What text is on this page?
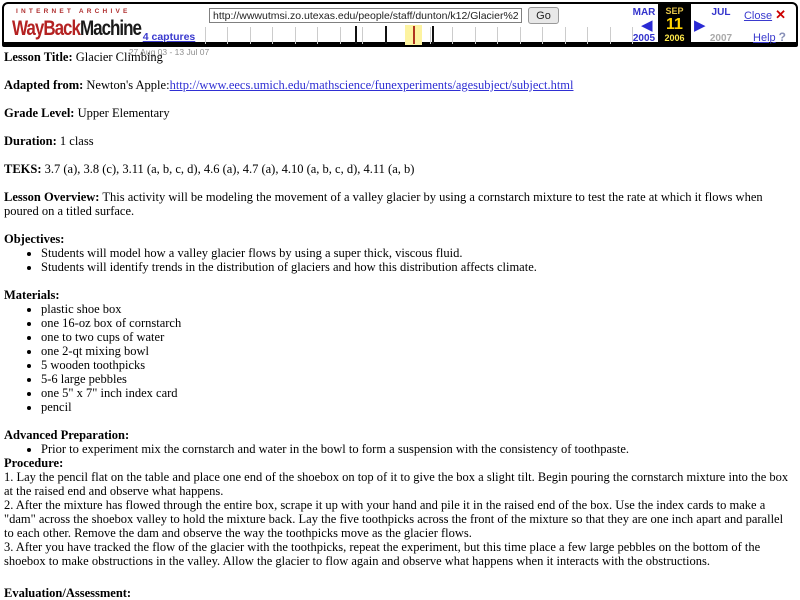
INTERNET ARCHIVE
WayBackMachine
http://wwwutmsi.zo.utexas.edu/people/staff/dunton/k12/Glacier%20Climbing%20a
Go
4 captures
27 Aug 03 - 13 Jul 07
MAR
2005
◀
SEP
11
2006
▶
JUL
2007
Close ✕
Help ?

Lesson Title: Glacier Climbing

Adapted from: Newton's Apple:http://www.eecs.umich.edu/mathscience/funexperiments/agesubject/subject.html

Grade Level: Upper Elementary

Duration: 1 class

TEKS: 3.7 (a), 3.8 (c), 3.11 (a, b, c, d), 4.6 (a), 4.7 (a), 4.10 (a, b, c, d), 4.11 (a, b)

Lesson Overview: This activity will be modeling the movement of a valley glacier by using a cornstarch mixture to test the rate at which it flows when poured on a titled surface.

Objectives:

• Students will model how a valley glacier flows by using a super thick, viscous fluid.
• Students will identify trends in the distribution of glaciers and how this distribution affects climate.

Materials:

• plastic shoe box
• one 16-oz box of cornstarch
• one to two cups of water
• one 2-qt mixing bowl
• 5 wooden toothpicks
• 5-6 large pebbles
• one 5" x 7" inch index card
• pencil

Advanced Preparation:

• Prior to experiment mix the cornstarch and water in the bowl to form a suspension with the consistency of toothpaste.

Procedure:

1. Lay the pencil flat on the table and place one end of the shoebox on top of it to give the box a slight tilt. Begin pouring the cornstarch mixture into the box at the raised end and observe what happens.

2. After the mixture has flowed through the entire box, scrape it up with your hand and pile it in the raised end of the box. Use the index cards to make a "dam" across the shoebox valley to hold the mixture back. Lay the five toothpicks across the front of the mixture so that they are one inch apart and parallel to each other. Remove the dam and observe the way the toothpicks move as the glacier flows.

3. After you have tracked the flow of the glacier with the toothpicks, repeat the experiment, but this time place a few large pebbles on the bottom of the shoebox to make obstructions in the valley. Allow the glacier to flow again and observe what happens when it interacts with the obstructions.

Evaluation/Assessment:
